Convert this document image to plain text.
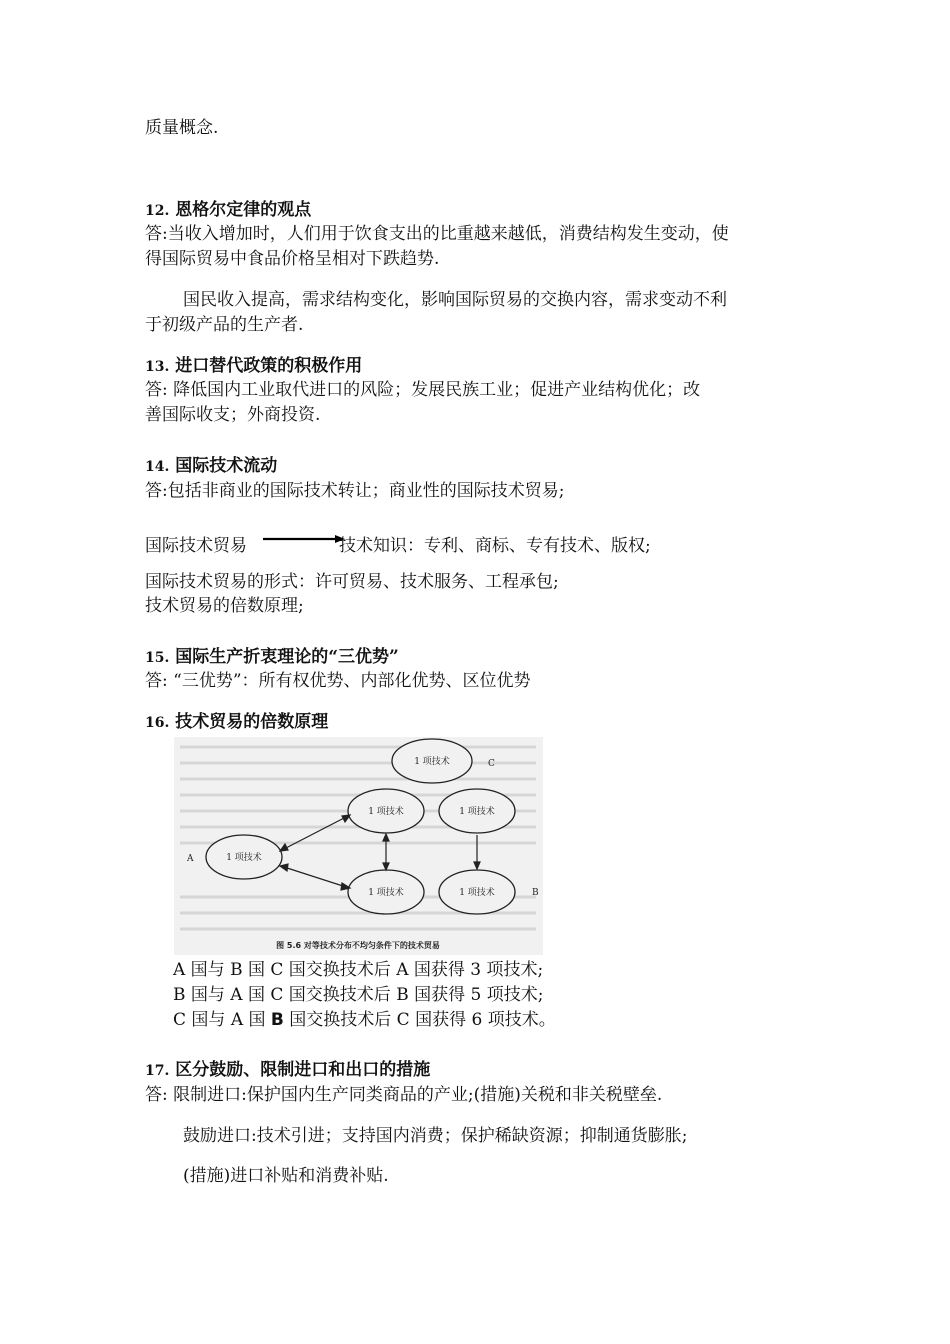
质量概念.
12. 恩格尔定律的观点
答:当收入增加时，人们用于饮食支出的比重越来越低，消费结构发生变动，使
得国际贸易中食品价格呈相对下跌趋势.
国民收入提高，需求结构变化，影响国际贸易的交换内容，需求变动不利
于初级产品的生产者.
13. 进口替代政策的积极作用
答: 降低国内工业取代进口的风险；发展民族工业；促进产业结构优化；改
善国际收支；外商投资.
14. 国际技术流动
答:包括非商业的国际技术转让；商业性的国际技术贸易;
国际技术贸易	技术知识：专利、商标、专有技术、版权;
国际技术贸易的形式：许可贸易、技术服务、工程承包;
技术贸易的倍数原理;
15. 国际生产折衷理论的“三优势”
答: “三优势”：所有权优势、内部化优势、区位优势
16. 技术贸易的倍数原理
1 项技术
1 项技术	1 项技术
1 项技术
1 项技术	1 项技术
A
B
C
图 5.6 对等技术分布不均匀条件下的技术贸易
A 国与 B 国 C 国交换技术后 A 国获得 3 项技术;
B 国与 A 国 C 国交换技术后 B 国获得 5 项技术;
C 国与 A 国 B 国交换技术后 C 国获得 6 项技术。
17. 区分鼓励、限制进口和出口的措施
答: 限制进口:保护国内生产同类商品的产业;(措施)关税和非关税壁垒.
鼓励进口:技术引进；支持国内消费；保护稀缺资源；抑制通货膨胀;
(措施)进口补贴和消费补贴.
